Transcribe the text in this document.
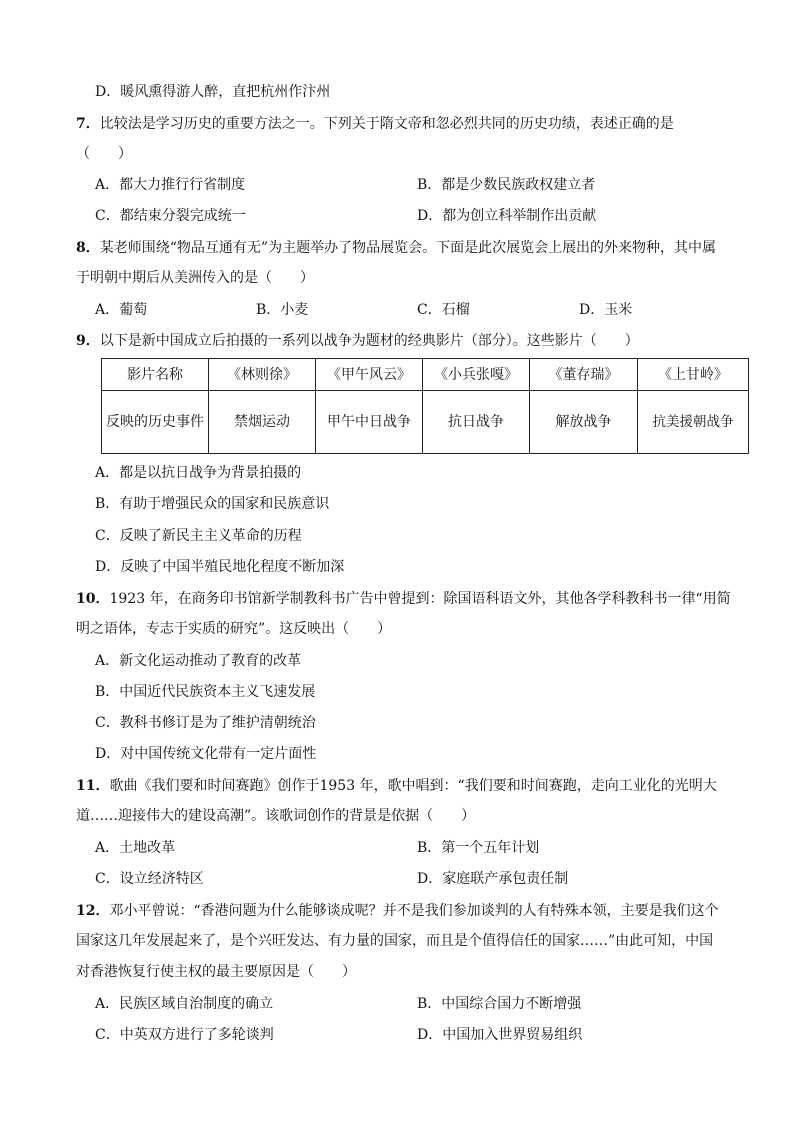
D．暖风熏得游人醉，直把杭州作汴州
7．比较法是学习历史的重要方法之一。下列关于隋文帝和忽必烈共同的历史功绩，表述正确的是
（　　）
A．都大力推行行省制度	B．都是少数民族政权建立者
C．都结束分裂完成统一	D．都为创立科举制作出贡献
8．某老师围绕“物品互通有无”为主题举办了物品展览会。下面是此次展览会上展出的外来物种，其中属
于明朝中期后从美洲传入的是（　　）
A．葡萄	B．小麦	C．石榴	D．玉米
9．以下是新中国成立后拍摄的一系列以战争为题材的经典影片（部分）。这些影片（　　）
影片名称	《林则徐》	《甲午风云》	《小兵张嘎》	《董存瑞》	《上甘岭》
反映的历史事件	禁烟运动	甲午中日战争	抗日战争	解放战争	抗美援朝战争
A．都是以抗日战争为背景拍摄的
B．有助于增强民众的国家和民族意识
C．反映了新民主主义革命的历程
D．反映了中国半殖民地化程度不断加深
10．1923 年，在商务印书馆新学制教科书广告中曾提到：除国语科语文外，其他各学科教科书一律“用简
明之语体，专志于实质的研究”。这反映出（　　）
A．新文化运动推动了教育的改革
B．中国近代民族资本主义飞速发展
C．教科书修订是为了维护清朝统治
D．对中国传统文化带有一定片面性
11．歌曲《我们要和时间赛跑》创作于1953 年，歌中唱到：“我们要和时间赛跑，走向工业化的光明大
道……迎接伟大的建设高潮”。该歌词创作的背景是依据（　　）
A．土地改革	B．第一个五年计划
C．设立经济特区	D．家庭联产承包责任制
12．邓小平曾说：“香港问题为什么能够谈成呢？并不是我们参加谈判的人有特殊本领，主要是我们这个
国家这几年发展起来了，是个兴旺发达、有力量的国家，而且是个值得信任的国家……”由此可知，中国
对香港恢复行使主权的最主要原因是（　　）
A．民族区域自治制度的确立	B．中国综合国力不断增强
C．中英双方进行了多轮谈判	D．中国加入世界贸易组织
